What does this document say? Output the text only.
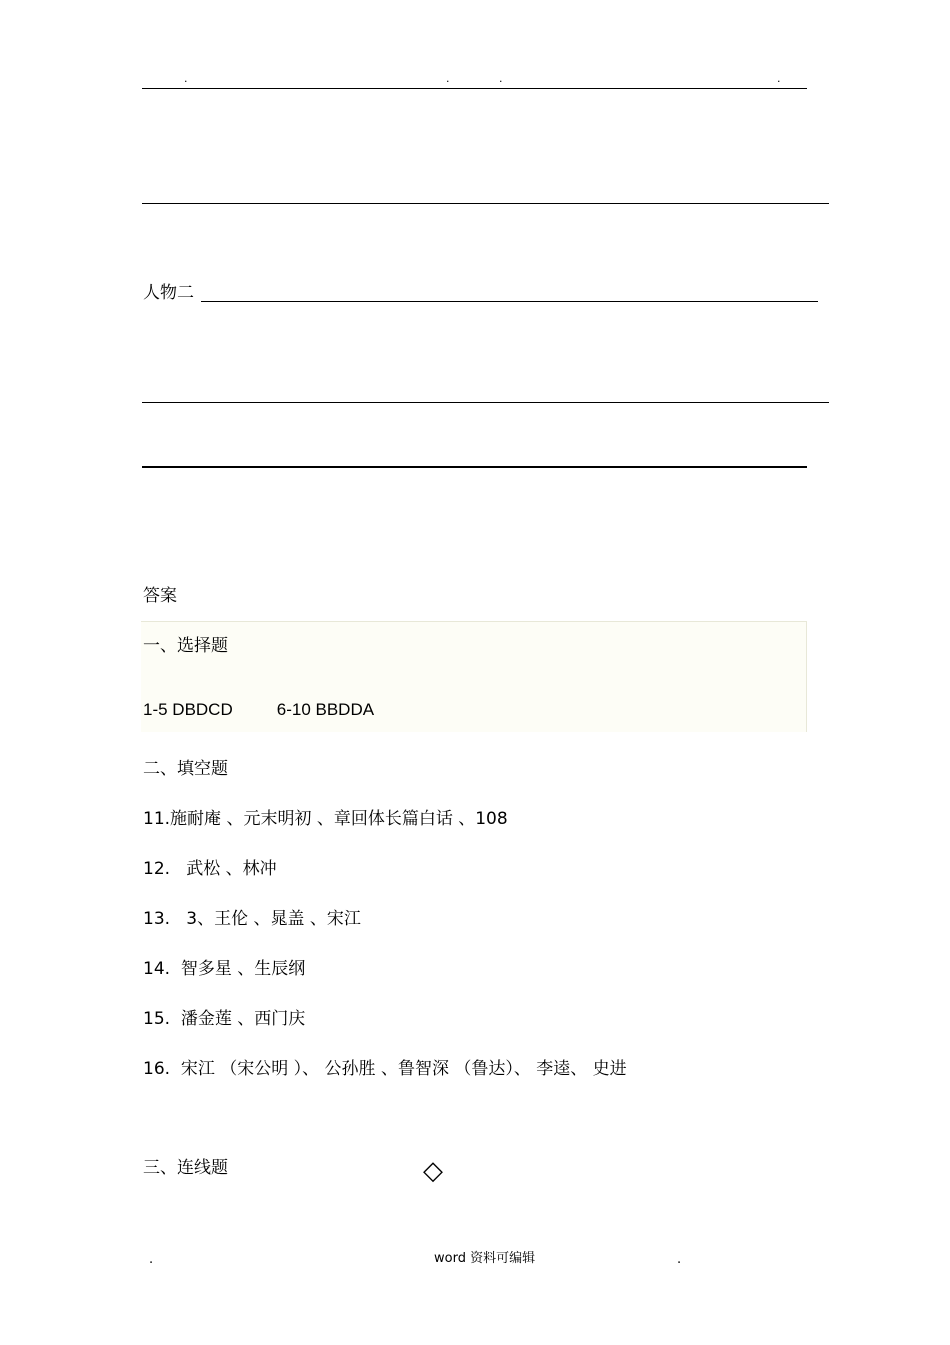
.	.	.	.
人物二
答案
一、选择题
1-5 DBDCD	6-10 BBDDA
二、填空题
11.施耐庵 、元末明初 、章回体长篇白话 、108
12.   武松 、林冲
13.   3、王伦 、晁盖 、宋江
14.  智多星 、生辰纲
15.  潘金莲 、西门庆
16.  宋江 （宋公明 ）、 公孙胜 、鲁智深 （鲁达）、 李逵、 史进
三、连线题	◇
.	word 资料可编辑	.
